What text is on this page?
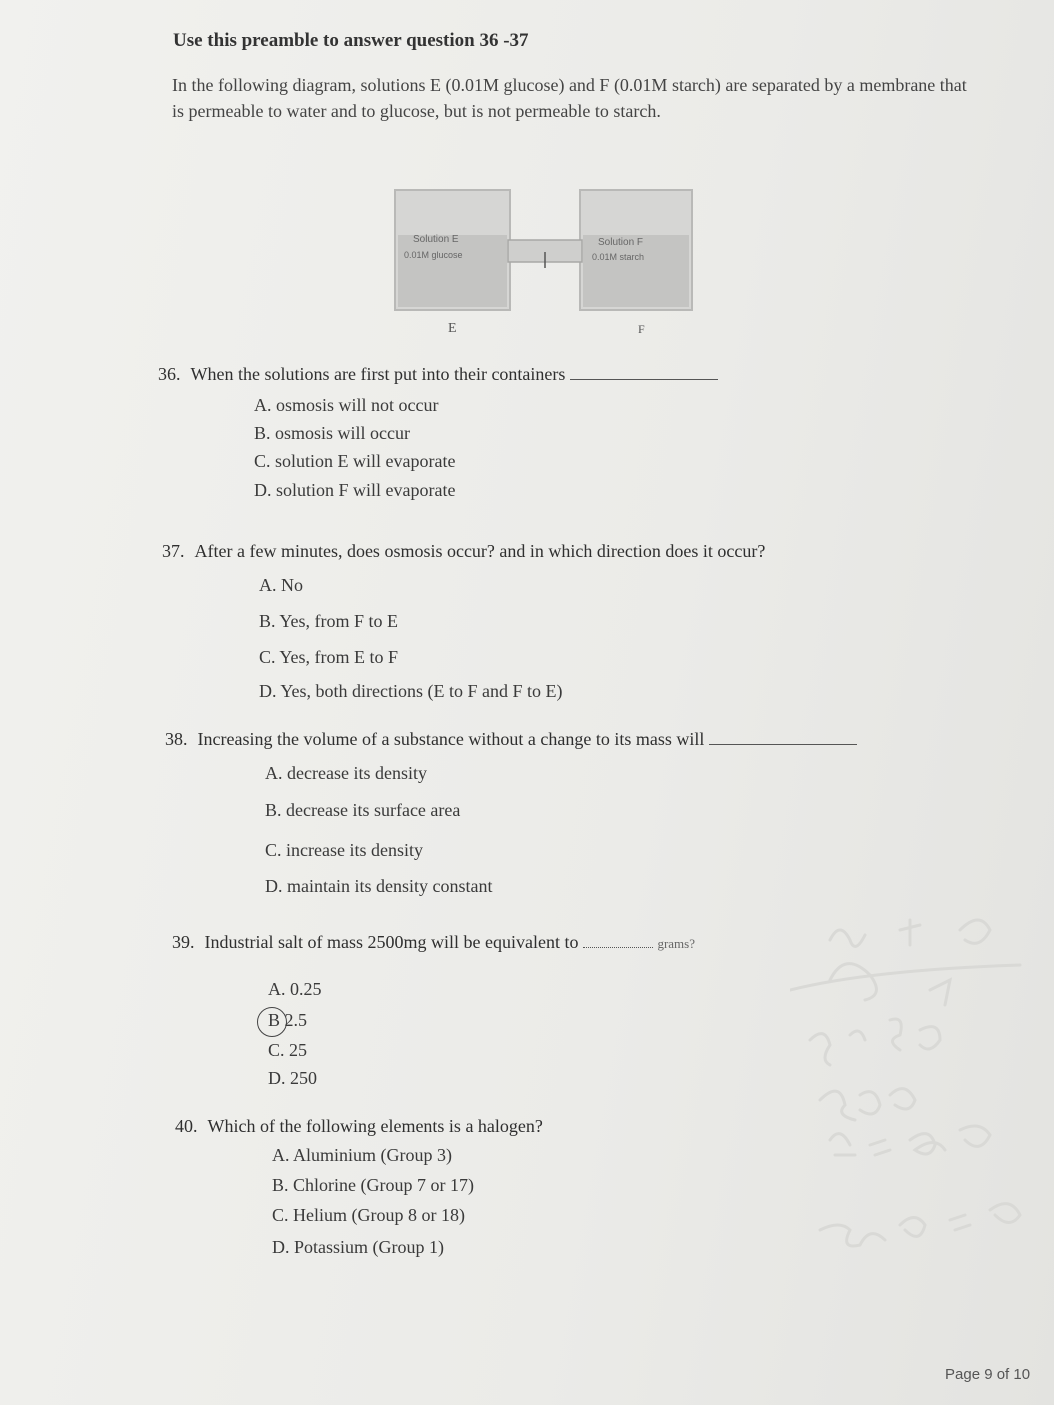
Use this preamble to answer question 36 -37
In the following diagram, solutions E (0.01M glucose) and F (0.01M starch) are separated by a membrane that is permeable to water and to glucose, but is not permeable to starch.
Solution E
0.01M glucose
Solution F
0.01M starch
E	F
36. When the solutions are first put into their containers
A. osmosis will not occur
B. osmosis will occur
C. solution E will evaporate
D. solution F will evaporate
37. After a few minutes, does osmosis occur? and in which direction does it occur?
A. No
B. Yes, from F to E
C. Yes, from E to F
D. Yes, both directions (E to F and F to E)
38. Increasing the volume of a substance without a change to its mass will
A. decrease its density
B. decrease its surface area
C. increase its density
D. maintain its density constant
39. Industrial salt of mass 2500mg will be equivalent to	grams?
A. 0.25
B 2.5
C. 25
D. 250
40. Which of the following elements is a halogen?
A. Aluminium (Group 3)
B. Chlorine (Group 7 or 17)
C. Helium (Group 8 or 18)
D. Potassium (Group 1)
Page 9 of 10
